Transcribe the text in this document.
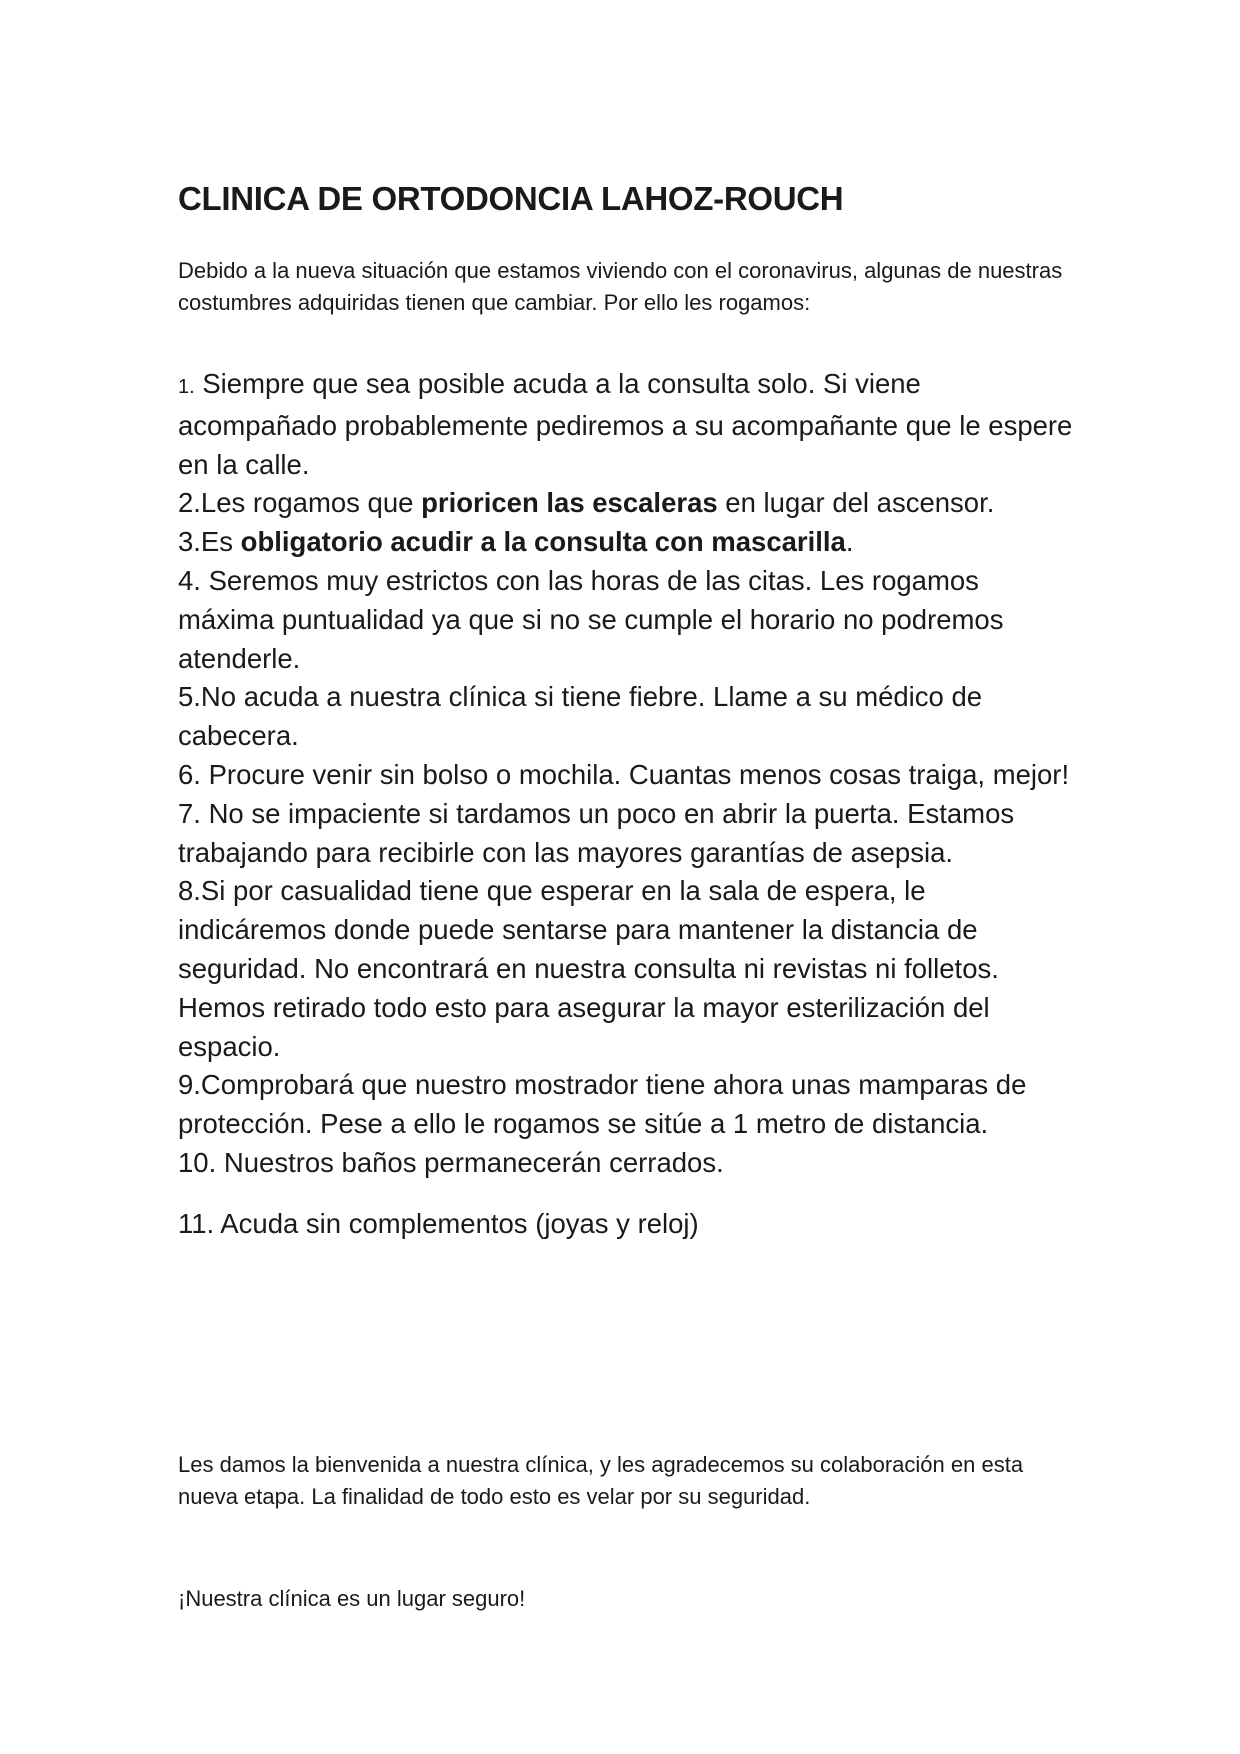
CLINICA DE ORTODONCIA LAHOZ-ROUCH

Debido a la nueva situación que estamos viviendo con el coronavirus, algunas de nuestras costumbres adquiridas tienen que cambiar. Por ello les rogamos:

1. Siempre que sea posible acuda a la consulta solo. Si viene acompañado probablemente pediremos a su acompañante que le espere en la calle.
2.Les rogamos que prioricen las escaleras en lugar del ascensor.
3.Es obligatorio acudir a la consulta con mascarilla.
4. Seremos muy estrictos con las horas de las citas. Les rogamos máxima puntualidad ya que si no se cumple el horario no podremos atenderle.
5.No acuda a nuestra clínica si tiene fiebre. Llame a su médico de cabecera.
6. Procure venir sin bolso o mochila. Cuantas menos cosas traiga, mejor!
7. No se impaciente si tardamos un poco en abrir la puerta. Estamos trabajando para recibirle con las mayores garantías de asepsia.
8.Si por casualidad tiene que esperar en la sala de espera, le indicáremos donde puede sentarse para mantener la distancia de seguridad. No encontrará en nuestra consulta ni revistas ni folletos. Hemos retirado todo esto para asegurar la mayor esterilización del espacio.
9.Comprobará que nuestro mostrador tiene ahora unas mamparas de protección. Pese a ello le rogamos se sitúe a 1 metro de distancia.
10. Nuestros baños permanecerán cerrados.
11. Acuda sin complementos (joyas y reloj)

Les damos la bienvenida a nuestra clínica, y les agradecemos su colaboración en esta nueva etapa. La finalidad de todo esto es velar por su seguridad.

¡Nuestra clínica es un lugar seguro!
